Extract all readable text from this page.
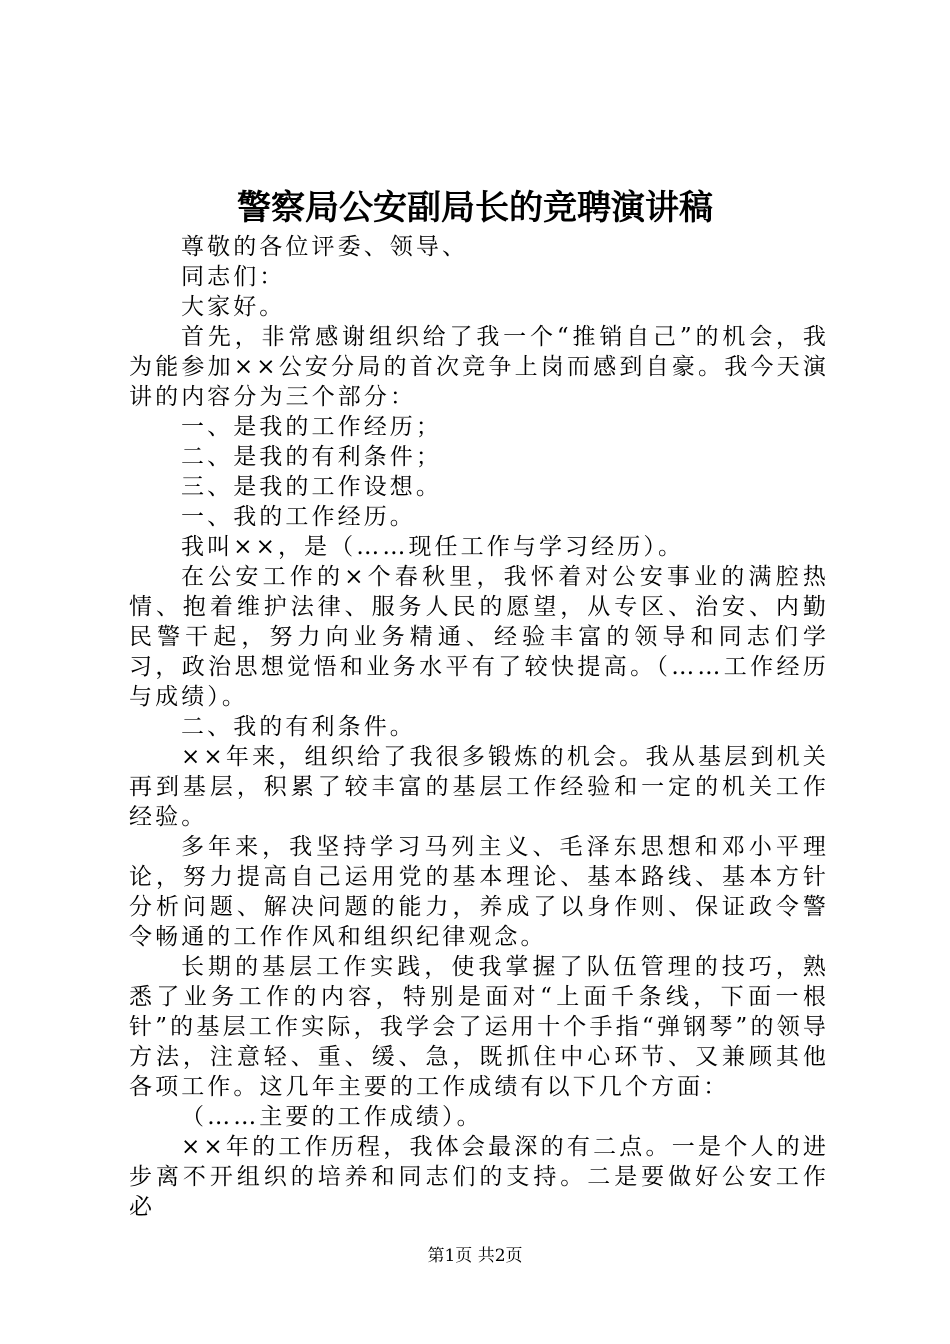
警察局公安副局长的竞聘演讲稿

尊敬的各位评委、领导、

同志们：

大家好。

首先，非常感谢组织给了我一个“推销自己”的机会，我为能参加××公安分局的首次竞争上岗而感到自豪。我今天演讲的内容分为三个部分：

一、是我的工作经历；

二、是我的有利条件；

三、是我的工作设想。

一、我的工作经历。

我叫××，是（……现任工作与学习经历）。

在公安工作的×个春秋里，我怀着对公安事业的满腔热情、抱着维护法律、服务人民的愿望，从专区、治安、内勤民警干起，努力向业务精通、经验丰富的领导和同志们学习，政治思想觉悟和业务水平有了较快提高。（……工作经历与成绩）。

二、我的有利条件。

××年来，组织给了我很多锻炼的机会。我从基层到机关再到基层，积累了较丰富的基层工作经验和一定的机关工作经验。

多年来，我坚持学习马列主义、毛泽东思想和邓小平理论，努力提高自己运用党的基本理论、基本路线、基本方针分析问题、解决问题的能力，养成了以身作则、保证政令警令畅通的工作作风和组织纪律观念。

长期的基层工作实践，使我掌握了队伍管理的技巧，熟悉了业务工作的内容，特别是面对“上面千条线，下面一根针”的基层工作实际，我学会了运用十个手指“弹钢琴”的领导方法，注意轻、重、缓、急，既抓住中心环节、又兼顾其他各项工作。这几年主要的工作成绩有以下几个方面：

（……主要的工作成绩）。

××年的工作历程，我体会最深的有二点。一是个人的进步离不开组织的培养和同志们的支持。二是要做好公安工作必

第1页 共2页
